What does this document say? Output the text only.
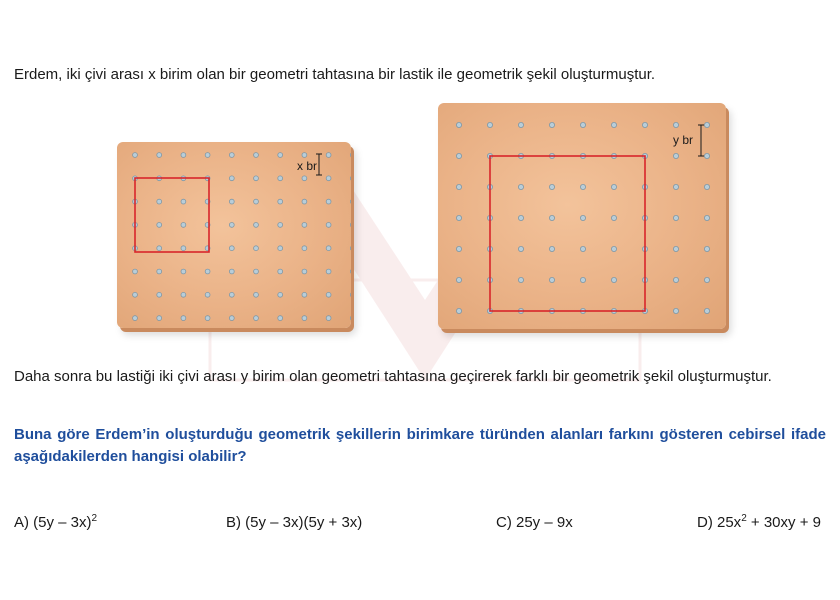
Erdem, iki çivi arası x birim olan bir geometri tahtasına bir lastik ile geometrik şekil oluşturmuştur.
x br
y br
Daha sonra bu lastiği iki çivi arası y birim olan geometri tahtasına geçirerek farklı bir geometrik şekil oluşturmuştur.
Buna göre Erdem’in oluşturduğu geometrik şekillerin birimkare türünden alanları farkını gösteren cebirsel ifade aşağıdakilerden hangisi olabilir?
A) (5y – 3x)$^2$	B) (5y – 3x)(5y + 3x)	C) 25y – 9x	D) $25x^2 + 30xy + 9$
